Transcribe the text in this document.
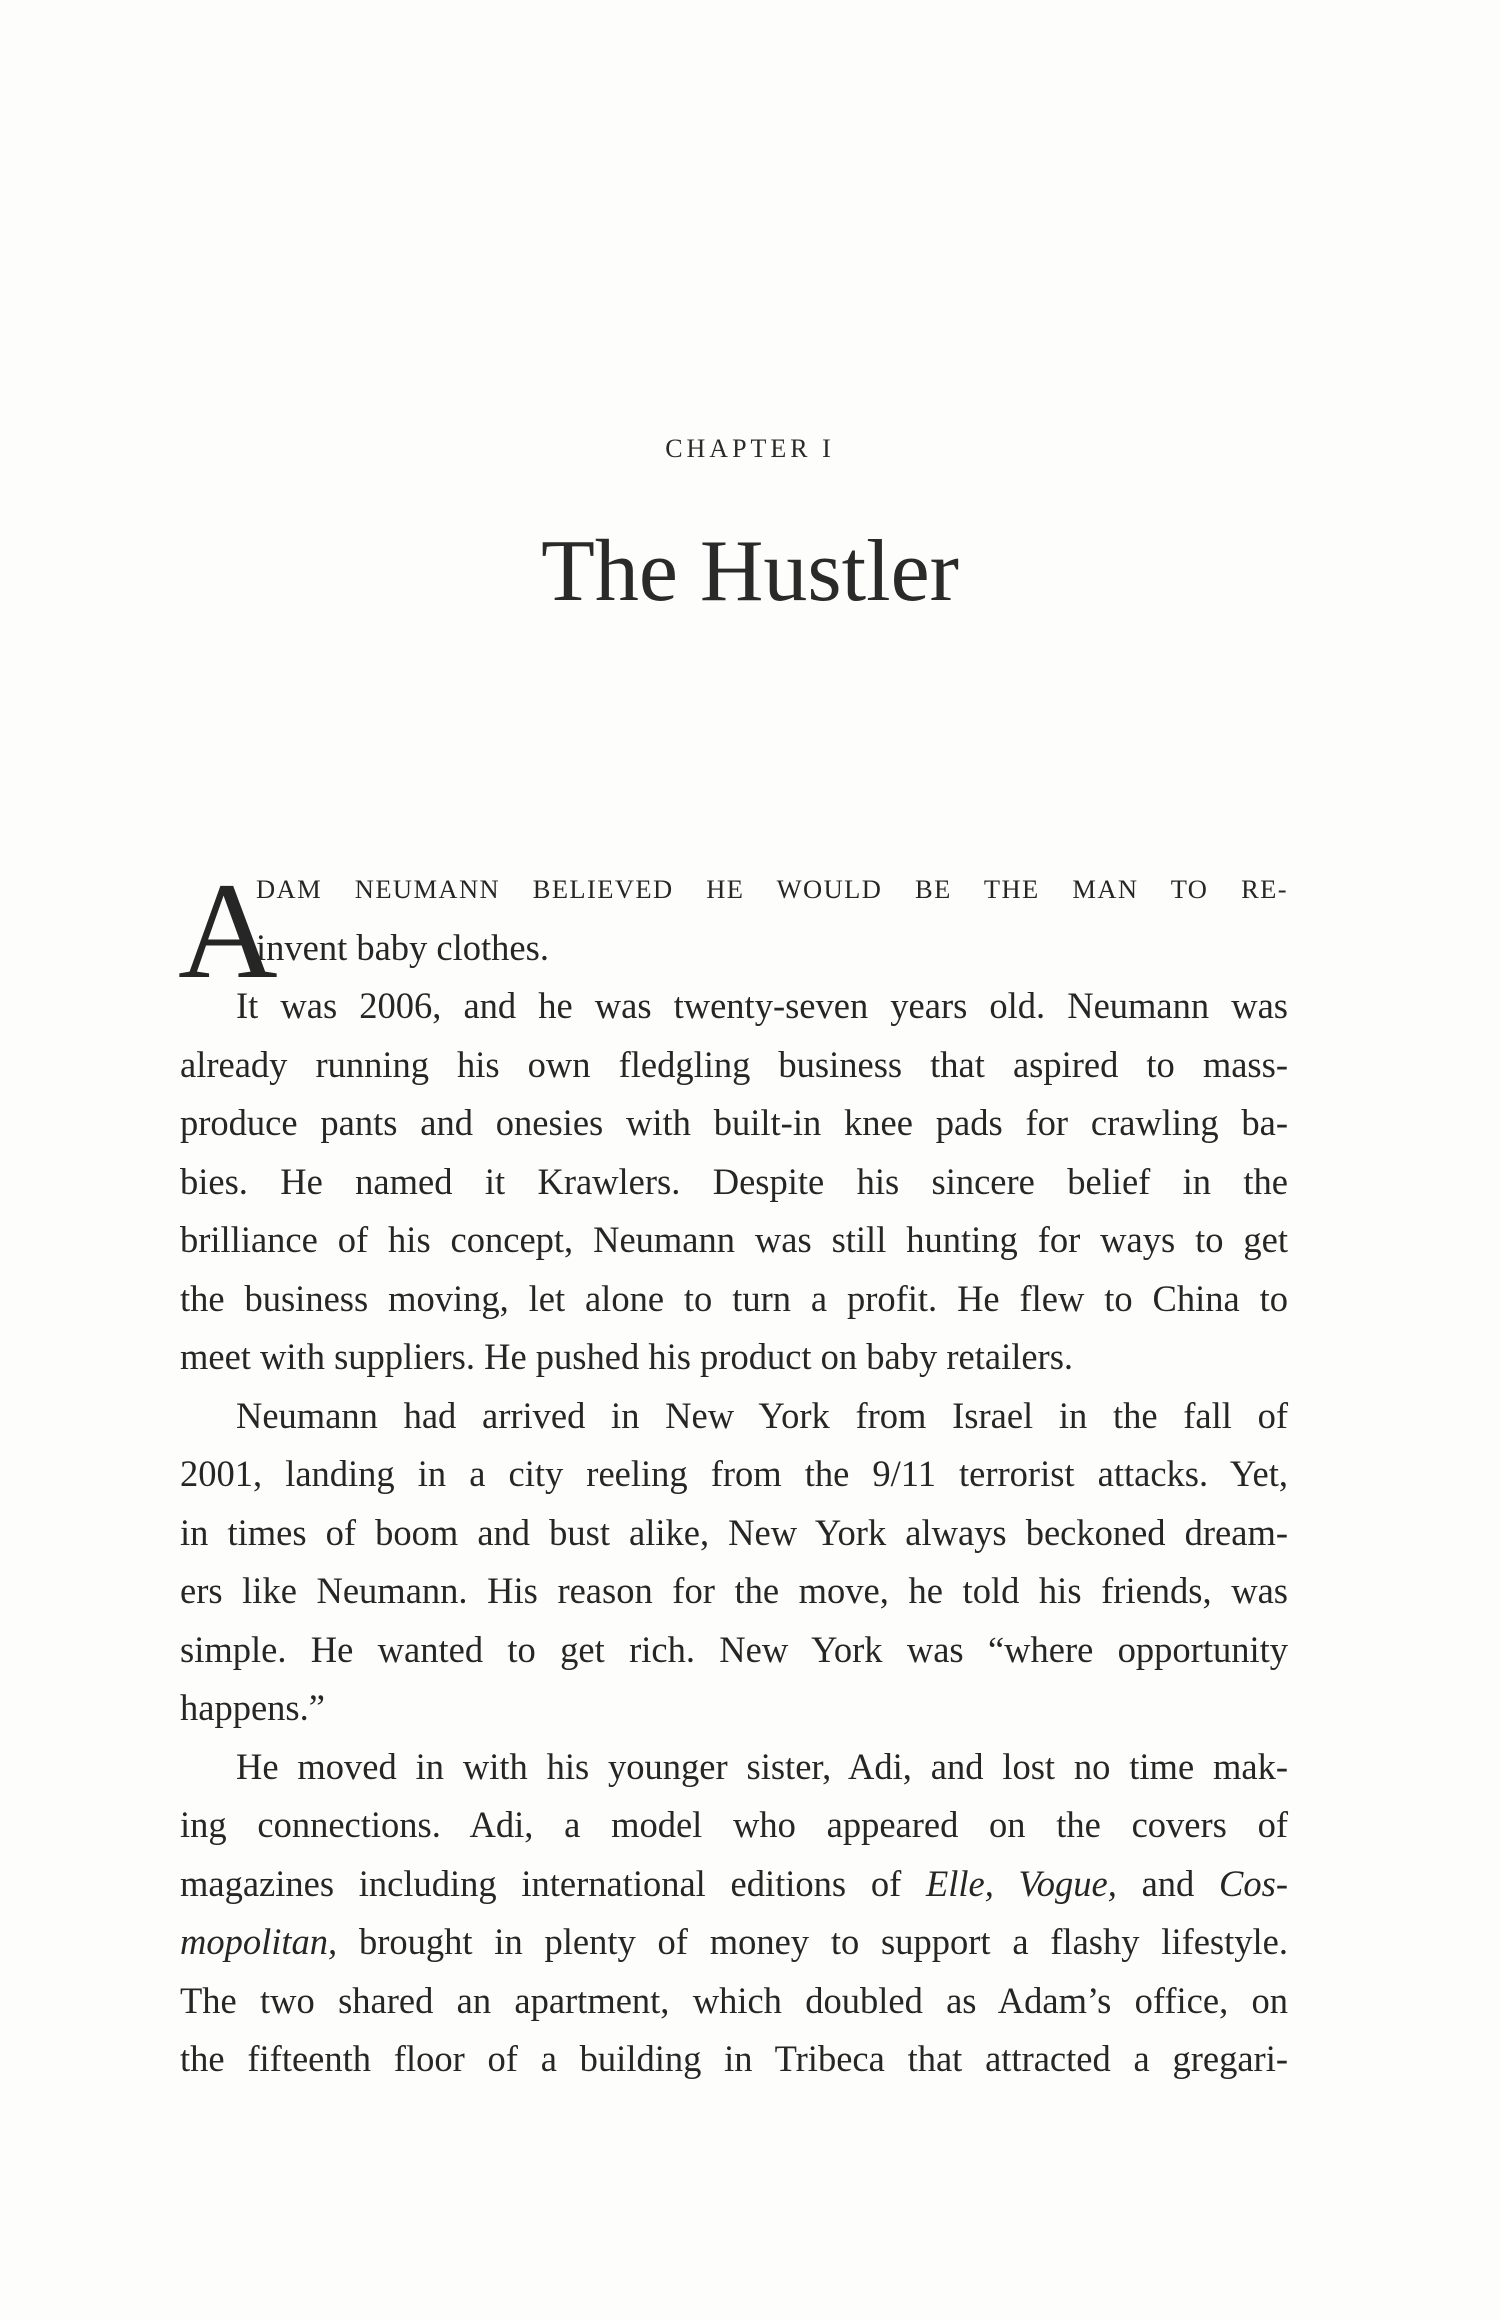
CHAPTER I
The Hustler
A
DAM NEUMANN BELIEVED HE WOULD BE THE MAN TO RE-
invent baby clothes.
It was 2006, and he was twenty-seven years old. Neumann was
already running his own fledgling business that aspired to mass-
produce pants and onesies with built-in knee pads for crawling ba-
bies. He named it Krawlers. Despite his sincere belief in the
brilliance of his concept, Neumann was still hunting for ways to get
the business moving, let alone to turn a profit. He flew to China to
meet with suppliers. He pushed his product on baby retailers.
Neumann had arrived in New York from Israel in the fall of
2001, landing in a city reeling from the 9/11 terrorist attacks. Yet,
in times of boom and bust alike, New York always beckoned dream-
ers like Neumann. His reason for the move, he told his friends, was
simple. He wanted to get rich. New York was “where opportunity
happens.”
He moved in with his younger sister, Adi, and lost no time mak-
ing connections. Adi, a model who appeared on the covers of
magazines including international editions of Elle, Vogue, and Cos-
mopolitan, brought in plenty of money to support a flashy lifestyle.
The two shared an apartment, which doubled as Adam’s office, on
the fifteenth floor of a building in Tribeca that attracted a gregari-
